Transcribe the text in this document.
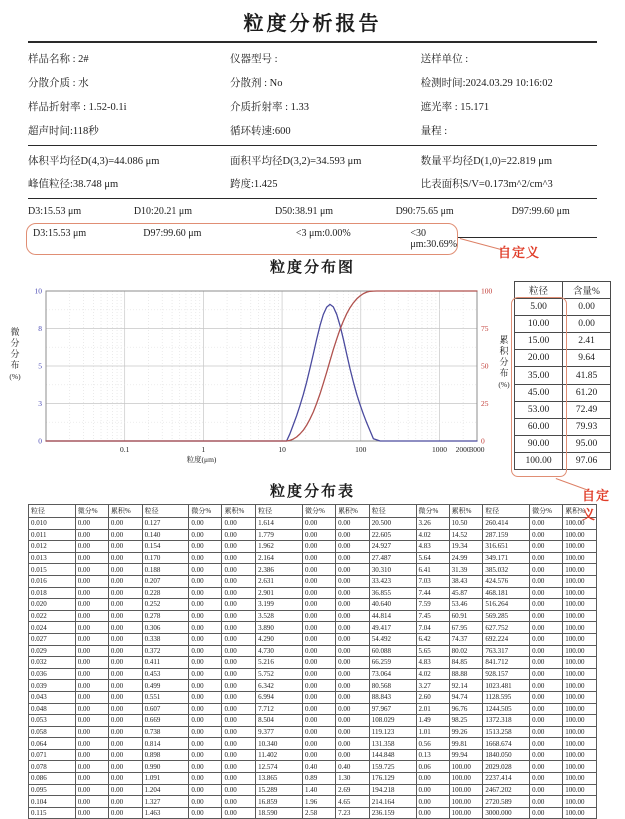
粒度分析报告
样品名称 : 2#	仪器型号 :	送样单位 :
分散介质 : 水	分散剂 : No	检测时间:2024.03.29 10:16:02
样品折射率 : 1.52-0.1i	介质折射率 : 1.33	遮光率 : 15.171
超声时间:118秒	循环转速:600	量程 :
体积平均径D(4,3)=44.086 μm	面积平均径D(3,2)=34.593 μm	数量平均径D(1,0)=22.819 μm
峰值粒径:38.748 μm	跨度:1.425	比表面积S/V=0.173m^2/cm^3
D3:15.53 μm	D10:20.21 μm	D50:38.91 μm	D90:75.65 μm	D97:99.60 μm
D3:15.53 μm	D97:99.60 μm	<3 μm:0.00%	<30 μm:30.69%
自定义
粒度分布图
微
分
分
布
(%)
0
3
5
8
10
0
25
50
75
100
0.1	1	10	100	1000 2000
3000
粒度(μm)
累
积
分
布
(%)
粒径	含量%
5.00	0.00
10.00	0.00
15.00	2.41
20.00	9.64
35.00	41.85
45.00	61.20
53.00	72.49
60.00	79.93
90.00	95.00
100.00	97.06
自定义
粒度分布表
粒径	微分%	累积%	粒径	微分%	累积%	粒径	微分%	累积%	粒径	微分%	累积%	粒径	微分%	累积%
0.010	0.00	0.00	0.127	0.00	0.00	1.614	0.00	0.00	20.500	3.26	10.50	260.414	0.00	100.00
0.011	0.00	0.00	0.140	0.00	0.00	1.779	0.00	0.00	22.605	4.02	14.52	287.159	0.00	100.00
0.012	0.00	0.00	0.154	0.00	0.00	1.962	0.00	0.00	24.927	4.83	19.34	316.651	0.00	100.00
0.013	0.00	0.00	0.170	0.00	0.00	2.164	0.00	0.00	27.487	5.64	24.99	349.171	0.00	100.00
0.015	0.00	0.00	0.188	0.00	0.00	2.386	0.00	0.00	30.310	6.41	31.39	385.032	0.00	100.00
0.016	0.00	0.00	0.207	0.00	0.00	2.631	0.00	0.00	33.423	7.03	38.43	424.576	0.00	100.00
0.018	0.00	0.00	0.228	0.00	0.00	2.901	0.00	0.00	36.855	7.44	45.87	468.181	0.00	100.00
0.020	0.00	0.00	0.252	0.00	0.00	3.199	0.00	0.00	40.640	7.59	53.46	516.264	0.00	100.00
0.022	0.00	0.00	0.278	0.00	0.00	3.528	0.00	0.00	44.814	7.45	60.91	569.285	0.00	100.00
0.024	0.00	0.00	0.306	0.00	0.00	3.890	0.00	0.00	49.417	7.04	67.95	627.752	0.00	100.00
0.027	0.00	0.00	0.338	0.00	0.00	4.290	0.00	0.00	54.492	6.42	74.37	692.224	0.00	100.00
0.029	0.00	0.00	0.372	0.00	0.00	4.730	0.00	0.00	60.088	5.65	80.02	763.317	0.00	100.00
0.032	0.00	0.00	0.411	0.00	0.00	5.216	0.00	0.00	66.259	4.83	84.85	841.712	0.00	100.00
0.036	0.00	0.00	0.453	0.00	0.00	5.752	0.00	0.00	73.064	4.02	88.88	928.157	0.00	100.00
0.039	0.00	0.00	0.499	0.00	0.00	6.342	0.00	0.00	80.568	3.27	92.14	1023.481	0.00	100.00
0.043	0.00	0.00	0.551	0.00	0.00	6.994	0.00	0.00	88.843	2.60	94.74	1128.595	0.00	100.00
0.048	0.00	0.00	0.607	0.00	0.00	7.712	0.00	0.00	97.967	2.01	96.76	1244.505	0.00	100.00
0.053	0.00	0.00	0.669	0.00	0.00	8.504	0.00	0.00	108.029	1.49	98.25	1372.318	0.00	100.00
0.058	0.00	0.00	0.738	0.00	0.00	9.377	0.00	0.00	119.123	1.01	99.26	1513.258	0.00	100.00
0.064	0.00	0.00	0.814	0.00	0.00	10.340	0.00	0.00	131.358	0.56	99.81	1668.674	0.00	100.00
0.071	0.00	0.00	0.898	0.00	0.00	11.402	0.00	0.00	144.848	0.13	99.94	1840.050	0.00	100.00
0.078	0.00	0.00	0.990	0.00	0.00	12.574	0.40	0.40	159.725	0.06	100.00	2029.028	0.00	100.00
0.086	0.00	0.00	1.091	0.00	0.00	13.865	0.89	1.30	176.129	0.00	100.00	2237.414	0.00	100.00
0.095	0.00	0.00	1.204	0.00	0.00	15.289	1.40	2.69	194.218	0.00	100.00	2467.202	0.00	100.00
0.104	0.00	0.00	1.327	0.00	0.00	16.859	1.96	4.65	214.164	0.00	100.00	2720.589	0.00	100.00
0.115	0.00	0.00	1.463	0.00	0.00	18.590	2.58	7.23	236.159	0.00	100.00	3000.000	0.00	100.00
